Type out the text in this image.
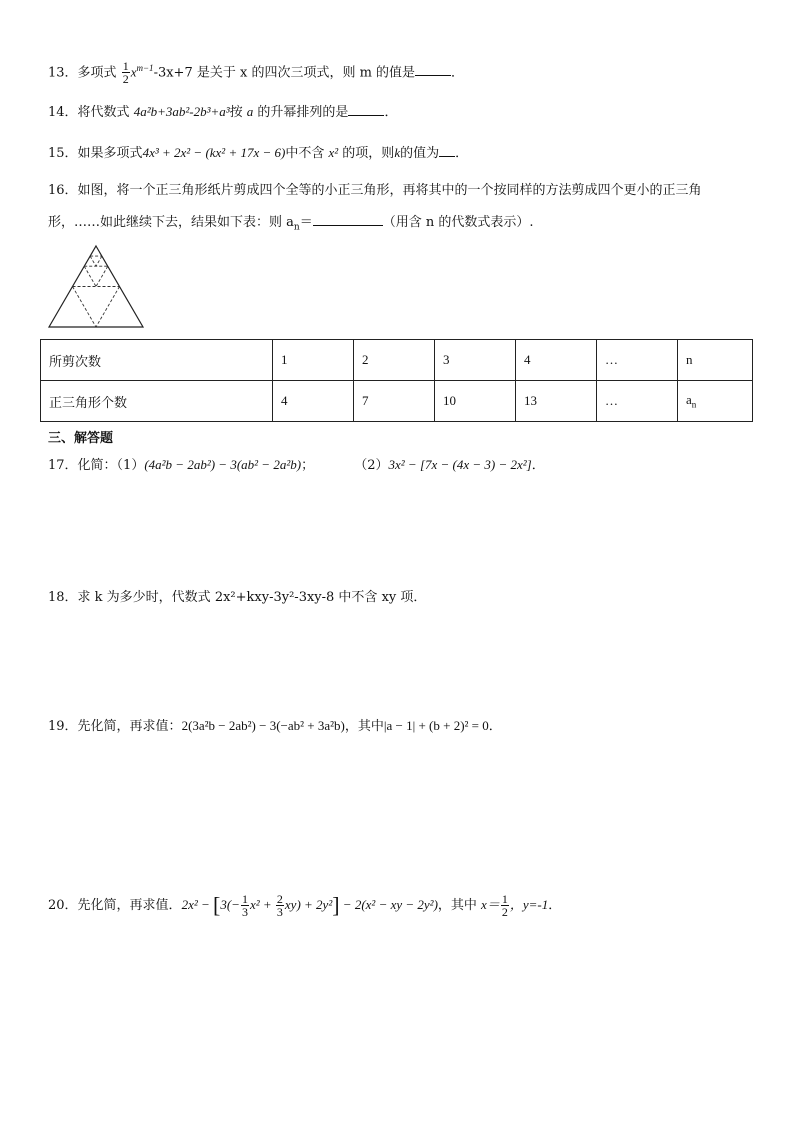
13．多项式 $\frac{1}{2} x^{m-1}-3x+7$ 是关于 x 的四次三项式，则 m 的值是	．
14．将代数式 4a²b+3ab²-2b³+a³按 a 的升幂排列的是	．
15．如果多项式4x³ + 2x² − (kx² + 17x − 6)中不含 x² 的项，则k的值为 ．
16．如图，将一个正三角形纸片剪成四个全等的小正三角形，再将其中的一个按同样的方法剪成四个更小的正三角
形，……如此继续下去，结果如下表：则 $a_n=$	（用含 n 的代数式表示）.
所剪次数	1	2	3	4	…	n
正三角形个数	4	7	10	13	…	$a_n$
三、解答题
17．化简：（1）(4a²b − 2ab²) − 3(ab² − 2a²b)；	（2）3x² − [7x − (4x − 3) − 2x²]．
18．求 k 为多少时，代数式 2x²+kxy-3y²-3xy-8 中不含 xy 项．
19．先化简，再求值：2(3a²b − 2ab²) − 3(−ab² + 3a²b)，其中|a − 1| + (b + 2)² = 0．
20．先化简，再求值．$2x^2 - [3(- \frac{1}{3} x^2 + \frac{2}{3} xy) + 2y^2] - 2(x^2$ − xy − 2y²)，其中 $x= \frac{1}{2}$ ，y=-1．
